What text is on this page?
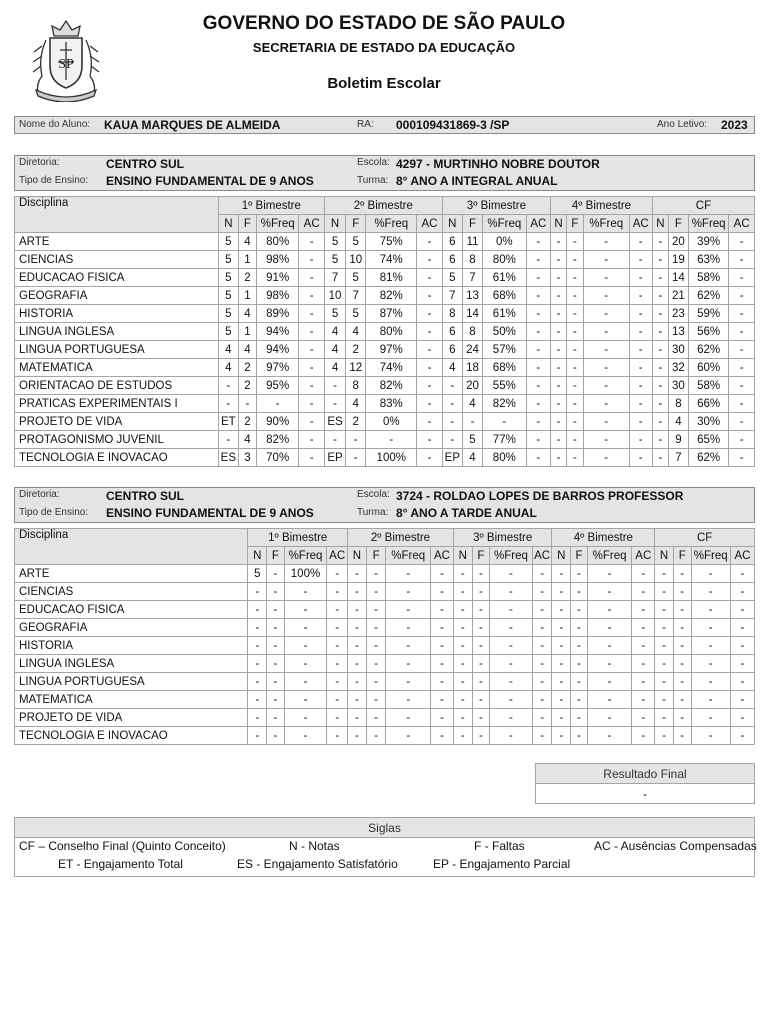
SP
GOVERNO DO ESTADO DE SÃO PAULO
SECRETARIA DE ESTADO DA EDUCAÇÃO
Boletim Escolar
Nome do Aluno: KAUA MARQUES DE ALMEIDA	RA: 000109431869-3 /SP	Ano Letivo: 2023
Diretoria:	CENTRO SUL
Tipo de Ensino: ENSINO FUNDAMENTAL DE 9 ANOS
Escola: 4297 - MURTINHO NOBRE DOUTOR
Turma: 8° ANO A INTEGRAL ANUAL
Disciplina	1º Bimestre				2º Bimestre				3º Bimestre				4º Bimestre				CF			
	N	F	%Freq	AC	N	F	%Freq	AC	N	F	%Freq	AC	N	F	%Freq	AC	N	F	%Freq	AC
ARTE	5	4	80%	-	5	5	75%	-	6	11	0%	-	-	-	-	-	-	20	39%	-
CIENCIAS	5	1	98%	-	5	10	74%	-	6	8	80%	-	-	-	-	-	-	19	63%	-
EDUCACAO FISICA	5	2	91%	-	7	5	81%	-	5	7	61%	-	-	-	-	-	-	14	58%	-
GEOGRAFIA	5	1	98%	-	10	7	82%	-	7	13	68%	-	-	-	-	-	-	21	62%	-
HISTORIA	5	4	89%	-	5	5	87%	-	8	14	61%	-	-	-	-	-	-	23	59%	-
LINGUA INGLESA	5	1	94%	-	4	4	80%	-	6	8	50%	-	-	-	-	-	-	13	56%	-
LINGUA PORTUGUESA	4	4	94%	-	4	2	97%	-	6	24	57%	-	-	-	-	-	-	30	62%	-
MATEMATICA	4	2	97%	-	4	12	74%	-	4	18	68%	-	-	-	-	-	-	32	60%	-
ORIENTACAO DE ESTUDOS	-	2	95%	-	-	8	82%	-	-	20	55%	-	-	-	-	-	-	30	58%	-
PRATICAS EXPERIMENTAIS I	-	-	-	-	-	4	83%	-	-	4	82%	-	-	-	-	-	-	8	66%	-
PROJETO DE VIDA	ET	2	90%	-	ES	2	0%	-	-	-	-	-	-	-	-	-	-	4	30%	-
PROTAGONISMO JUVENIL	-	4	82%	-	-	-	-	-	-	5	77%	-	-	-	-	-	-	9	65%	-
TECNOLOGIA E INOVACAO	ES	3	70%	-	EP	-	100%	-	EP	4	80%	-	-	-	-	-	-	7	62%	-
Diretoria:	CENTRO SUL
Tipo de Ensino: ENSINO FUNDAMENTAL DE 9 ANOS
Escola: 3724 - ROLDAO LOPES DE BARROS PROFESSOR
Turma: 8° ANO A TARDE ANUAL
Disciplina	1º Bimestre				2º Bimestre				3º Bimestre				4º Bimestre				CF			
	N	F	%Freq	AC	N	F	%Freq	AC	N	F	%Freq	AC	N	F	%Freq	AC	N	F	%Freq	AC
ARTE	5	-	100%	-	-	-	-	-	-	-	-	-	-	-	-	-	-	-	-	-
CIENCIAS	-	-	-	-	-	-	-	-	-	-	-	-	-	-	-	-	-	-	-	-
EDUCACAO FISICA	-	-	-	-	-	-	-	-	-	-	-	-	-	-	-	-	-	-	-	-
GEOGRAFIA	-	-	-	-	-	-	-	-	-	-	-	-	-	-	-	-	-	-	-	-
HISTORIA	-	-	-	-	-	-	-	-	-	-	-	-	-	-	-	-	-	-	-	-
LINGUA INGLESA	-	-	-	-	-	-	-	-	-	-	-	-	-	-	-	-	-	-	-	-
LINGUA PORTUGUESA	-	-	-	-	-	-	-	-	-	-	-	-	-	-	-	-	-	-	-	-
MATEMATICA	-	-	-	-	-	-	-	-	-	-	-	-	-	-	-	-	-	-	-	-
PROJETO DE VIDA	-	-	-	-	-	-	-	-	-	-	-	-	-	-	-	-	-	-	-	-
TECNOLOGIA E INOVACAO	-	-	-	-	-	-	-	-	-	-	-	-	-	-	-	-	-	-	-	-
Resultado Final
-
Siglas

CF – Conselho Final (Quinto Conceito)	N - Notas	F - Faltas	AC - Ausências Compensadas
ET - Engajamento Total	ES - Engajamento Satisfatório	EP - Engajamento Parcial
